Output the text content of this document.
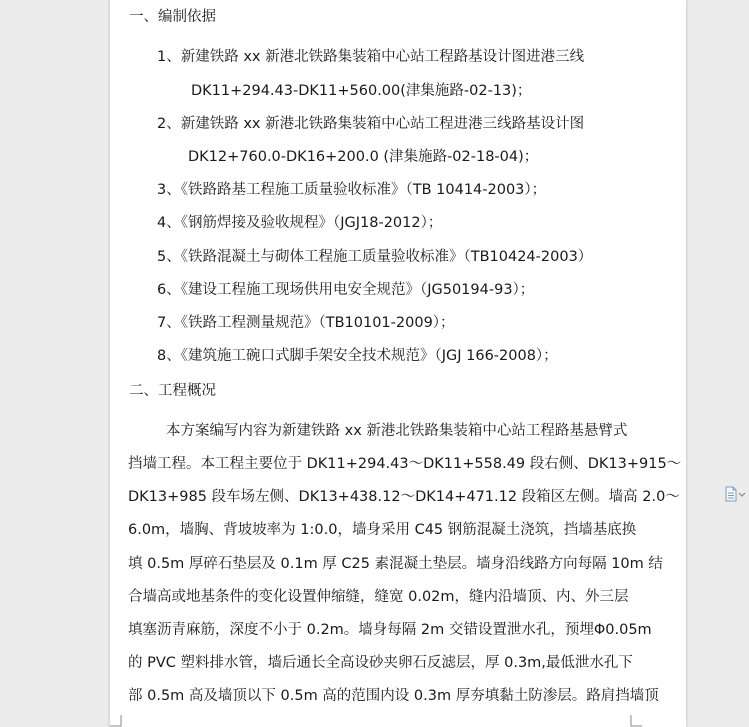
一、编制依据
1、新建铁路 xx 新港北铁路集装箱中心站工程路基设计图进港三线
DK11+294.43-DK11+560.00(津集施路-02-13)；
2、新建铁路 xx 新港北铁路集装箱中心站工程进港三线路基设计图
DK12+760.0-DK16+200.0 (津集施路-02-18-04)；
3、《铁路路基工程施工质量验收标准》（TB 10414-2003）；
4、《钢筋焊接及验收规程》（JGJ18-2012）；
5、《铁路混凝土与砌体工程施工质量验收标准》（TB10424-2003）
6、《建设工程施工现场供用电安全规范》（JG50194-93）；
7、《铁路工程测量规范》（TB10101-2009）；
8、《建筑施工碗口式脚手架安全技术规范》（JGJ 166-2008）；
二、工程概况
本方案编写内容为新建铁路 xx 新港北铁路集装箱中心站工程路基悬臂式
挡墙工程。本工程主要位于 DK11+294.43～DK11+558.49 段右侧、DK13+915～
DK13+985 段车场左侧、DK13+438.12～DK14+471.12 段箱区左侧。墙高 2.0～
6.0m，墙胸、背坡坡率为 1:0.0，墙身采用 C45 钢筋混凝土浇筑，挡墙基底换
填 0.5m 厚碎石垫层及 0.1m 厚 C25 素混凝土垫层。墙身沿线路方向每隔 10m 结
合墙高或地基条件的变化设置伸缩缝，缝宽 0.02m，缝内沿墙顶、内、外三层
填塞沥青麻筋，深度不小于 0.2m。墙身每隔 2m 交错设置泄水孔，预埋Φ0.05m
的 PVC 塑料排水管，墙后通长全高设砂夹卵石反滤层，厚 0.3m,最低泄水孔下
部 0.5m 高及墙顶以下 0.5m 高的范围内设 0.3m 厚夯填黏土防渗层。路肩挡墙顶
